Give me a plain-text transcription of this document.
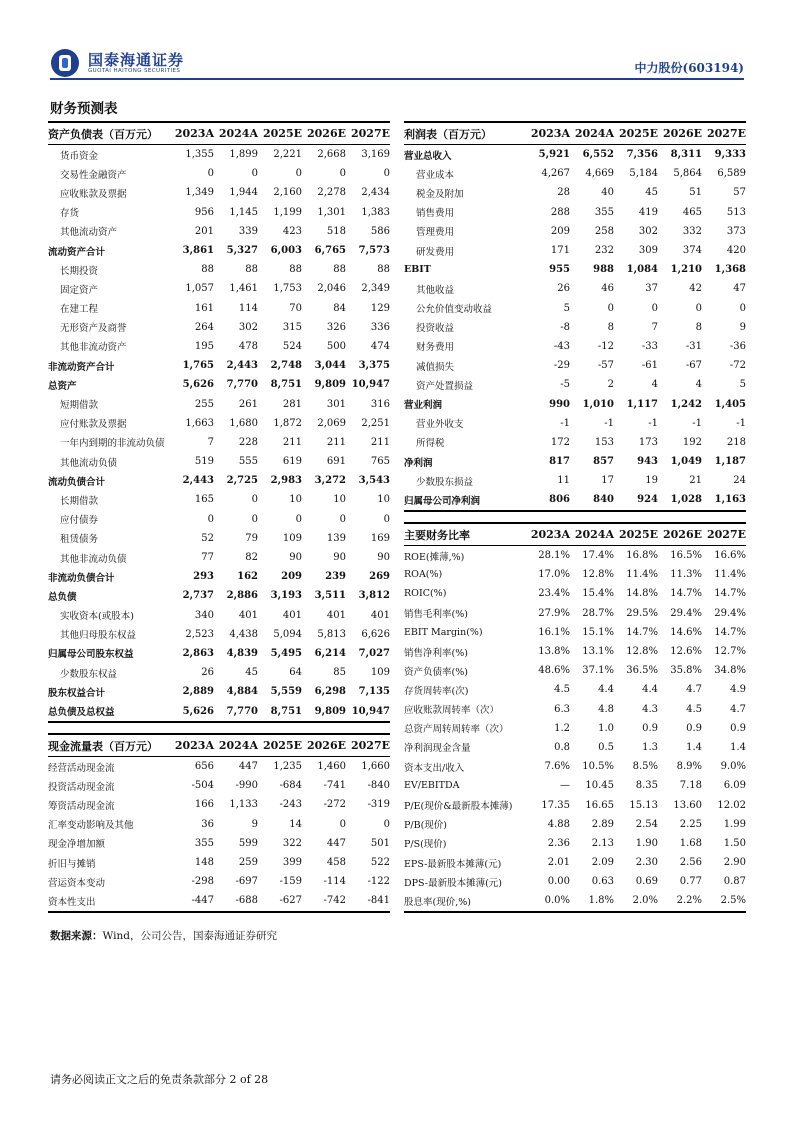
国泰海通证券
GUOTAI HAITONG SECURITIES	中力股份(603194)
财务预测表
资产负债表（百万元）	2023A	2024A	2025E	2026E	2027E
货币资金	1,355	1,899	2,221	2,668	3,169
交易性金融资产	0	0	0	0	0
应收账款及票据	1,349	1,944	2,160	2,278	2,434
存货	956	1,145	1,199	1,301	1,383
其他流动资产	201	339	423	518	586
流动资产合计	3,861	5,327	6,003	6,765	7,573
长期投资	88	88	88	88	88
固定资产	1,057	1,461	1,753	2,046	2,349
在建工程	161	114	70	84	129
无形资产及商誉	264	302	315	326	336
其他非流动资产	195	478	524	500	474
非流动资产合计	1,765	2,443	2,748	3,044	3,375
总资产	5,626	7,770	8,751	9,809	10,947
短期借款	255	261	281	301	316
应付账款及票据	1,663	1,680	1,872	2,069	2,251
一年内到期的非流动负债	7	228	211	211	211
其他流动负债	519	555	619	691	765
流动负债合计	2,443	2,725	2,983	3,272	3,543
长期借款	165	0	10	10	10
应付债券	0	0	0	0	0
租赁债务	52	79	109	139	169
其他非流动负债	77	82	90	90	90
非流动负债合计	293	162	209	239	269
总负债	2,737	2,886	3,193	3,511	3,812
实收资本(或股本)	340	401	401	401	401
其他归母股东权益	2,523	4,438	5,094	5,813	6,626
归属母公司股东权益	2,863	4,839	5,495	6,214	7,027
少数股东权益	26	45	64	85	109
股东权益合计	2,889	4,884	5,559	6,298	7,135
总负债及总权益	5,626	7,770	8,751	9,809	10,947
利润表（百万元）	2023A	2024A	2025E	2026E	2027E
营业总收入	5,921	6,552	7,356	8,311	9,333
营业成本	4,267	4,669	5,184	5,864	6,589
税金及附加	28	40	45	51	57
销售费用	288	355	419	465	513
管理费用	209	258	302	332	373
研发费用	171	232	309	374	420
EBIT	955	988	1,084	1,210	1,368
其他收益	26	46	37	42	47
公允价值变动收益	5	0	0	0	0
投资收益	-8	8	7	8	9
财务费用	-43	-12	-33	-31	-36
减值损失	-29	-57	-61	-67	-72
资产处置损益	-5	2	4	4	5
营业利润	990	1,010	1,117	1,242	1,405
营业外收支	-1	-1	-1	-1	-1
所得税	172	153	173	192	218
净利润	817	857	943	1,049	1,187
少数股东损益	11	17	19	21	24
归属母公司净利润	806	840	924	1,028	1,163
主要财务比率	2023A	2024A	2025E	2026E	2027E
ROE(摊薄,%)	28.1%	17.4%	16.8%	16.5%	16.6%
ROA(%)	17.0%	12.8%	11.4%	11.3%	11.4%
ROIC(%)	23.4%	15.4%	14.8%	14.7%	14.7%
销售毛利率(%)	27.9%	28.7%	29.5%	29.4%	29.4%
EBIT Margin(%)	16.1%	15.1%	14.7%	14.6%	14.7%
销售净利率(%)	13.8%	13.1%	12.8%	12.6%	12.7%
资产负债率(%)	48.6%	37.1%	36.5%	35.8%	34.8%
存货周转率(次)	4.5	4.4	4.4	4.7	4.9
应收账款周转率（次）	6.3	4.8	4.3	4.5	4.7
总资产周转周转率（次）	1.2	1.0	0.9	0.9	0.9
净利润现金含量	0.8	0.5	1.3	1.4	1.4
资本支出/收入	7.6%	10.5%	8.5%	8.9%	9.0%
EV/EBITDA	—	10.45	8.35	7.18	6.09
P/E(现价&最新股本摊薄)	17.35	16.65	15.13	13.60	12.02
P/B(现价)	4.88	2.89	2.54	2.25	1.99
P/S(现价)	2.36	2.13	1.90	1.68	1.50
EPS-最新股本摊薄(元)	2.01	2.09	2.30	2.56	2.90
DPS-最新股本摊薄(元)	0.00	0.63	0.69	0.77	0.87
股息率(现价,%)	0.0%	1.8%	2.0%	2.2%	2.5%
现金流量表（百万元）	2023A	2024A	2025E	2026E	2027E
经营活动现金流	656	447	1,235	1,460	1,660
投资活动现金流	-504	-990	-684	-741	-840
筹资活动现金流	166	1,133	-243	-272	-319
汇率变动影响及其他	36	9	14	0	0
现金净增加额	355	599	322	447	501
折旧与摊销	148	259	399	458	522
营运资本变动	-298	-697	-159	-114	-122
资本性支出	-447	-688	-627	-742	-841
数据来源：Wind，公司公告，国泰海通证券研究
请务必阅读正文之后的免责条款部分 2 of 28
